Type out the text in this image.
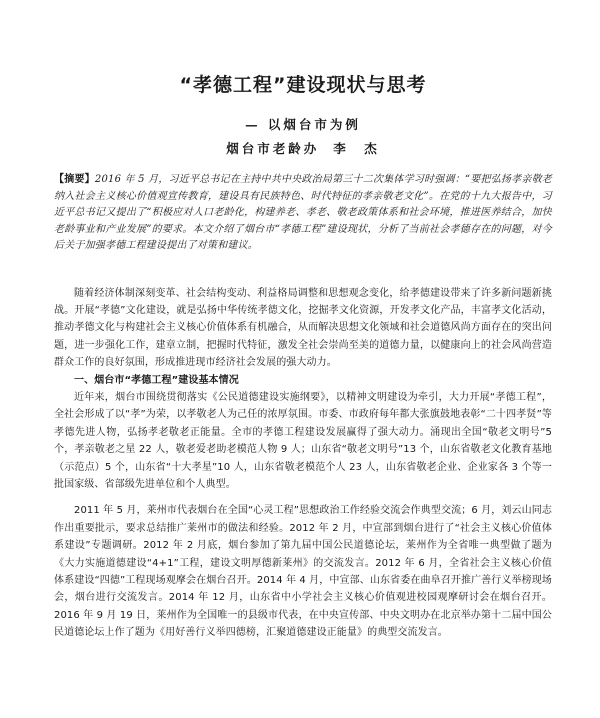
“孝德工程”建设现状与思考
— 以烟台市为例
烟台市老龄办 李　杰
【摘要】2016 年 5 月，习近平总书记在主持中共中央政治局第三十二次集体学习时强调：“要把弘扬孝亲敬老纳入社会主义核心价值观宣传教育，建设具有民族特色、时代特征的孝亲敬老文化”。在党的十九大报告中，习近平总书记又提出了“积极应对人口老龄化，构建养老、孝老、敬老政策体系和社会环境，推进医养结合，加快老龄事业和产业发展”的要求。本文介绍了烟台市“孝德工程”建设现状，分析了当前社会孝德存在的问题，对今后关于加强孝德工程建设提出了对策和建议。

随着经济体制深刻变革、社会结构变动、利益格局调整和思想观念变化，给孝德建设带来了许多新问题新挑战。开展“孝德”文化建设，就是弘扬中华传统孝德文化，挖掘孝文化资源，开发孝文化产品，丰富孝文化活动，推动孝德文化与构建社会主义核心价值体系有机融合，从而解决思想文化领域和社会道德风尚方面存在的突出问题，进一步强化工作，建章立制，把握时代特征，激发全社会崇尚至美的道德力量，以健康向上的社会风尚营造群众工作的良好氛围，形成推进现市经济社会发展的强大动力。

一、烟台市“孝德工程”建设基本情况

近年来，烟台市围绕贯彻落实《公民道德建设实施纲要》，以精神文明建设为牵引，大力开展“孝德工程”，全社会形成了以“孝”为荣，以孝敬老人为己任的浓厚氛围。市委、市政府每年都大张旗鼓地表彰“二十四孝贤”等孝德先进人物，弘扬孝老敬老正能量。全市的孝德工程建设发展赢得了强大动力。涌现出全国“敬老文明号”5 个，孝亲敬老之星 22 人，敬老爱老助老模范人物 9 人；山东省“敬老文明号”13 个，山东省敬老文化教育基地（示范点）5 个，山东省“十大孝星”10 人，山东省敬老模范个人 23 人，山东省敬老企业、企业家各 3 个等一批国家级、省部级先进单位和个人典型。

2011 年 5 月，莱州市代表烟台在全国“心灵工程”思想政治工作经验交流会作典型交流；6 月，刘云山同志作出重要批示，要求总结推广莱州市的做法和经验。2012 年 2 月，中宣部到烟台进行了“社会主义核心价值体系建设”专题调研。2012 年 2 月底，烟台参加了第九届中国公民道德论坛，莱州作为全省唯一典型做了题为《大力实施道德建设“4+1”工程，建设文明厚德新莱州》的交流发言。2012 年 6 月，全省社会主义核心价值体系建设“四德”工程现场观摩会在烟台召开。2014 年 4 月，中宣部、山东省委在曲阜召开推广善行义举榜现场会，烟台进行交流发言。2014 年 12 月，山东省中小学社会主义核心价值观进校园观摩研讨会在烟台召开。2016 年 9 月 19 日，莱州作为全国唯一的县级市代表，在中央宣传部、中央文明办在北京举办第十二届中国公民道德论坛上作了题为《用好善行义举四德榜，汇聚道德建设正能量》的典型交流发言。
